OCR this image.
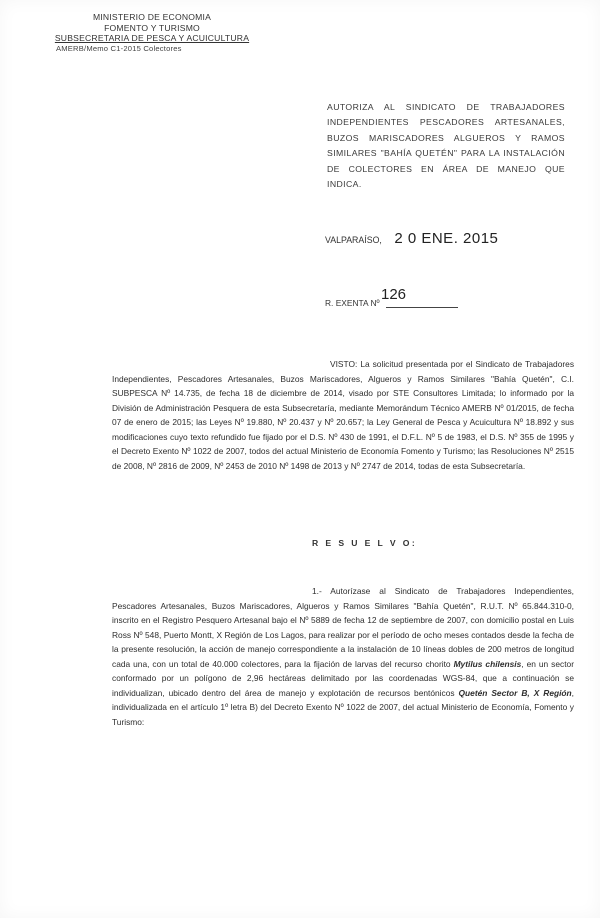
MINISTERIO DE ECONOMIA
FOMENTO Y TURISMO
SUBSECRETARIA DE PESCA Y ACUICULTURA
AMERB/Memo C1-2015 Colectores
AUTORIZA AL SINDICATO DE TRABAJADORES INDEPENDIENTES PESCADORES ARTESANALES, BUZOS MARISCADORES ALGUEROS Y RAMOS SIMILARES "BAHÍA QUETÉN" PARA LA INSTALACIÓN DE COLECTORES EN ÁREA DE MANEJO QUE INDICA.
VALPARAÍSO, 2 0 ENE. 2015
R. EXENTA Nº 126
VISTO: La solicitud presentada por el Sindicato de Trabajadores Independientes, Pescadores Artesanales, Buzos Mariscadores, Algueros y Ramos Similares "Bahía Quetén", C.I. SUBPESCA Nº 14.735, de fecha 18 de diciembre de 2014, visado por STE Consultores Limitada; lo informado por la División de Administración Pesquera de esta Subsecretaría, mediante Memorándum Técnico AMERB Nº 01/2015, de fecha 07 de enero de 2015; las Leyes Nº 19.880, Nº 20.437 y Nº 20.657; la Ley General de Pesca y Acuicultura Nº 18.892 y sus modificaciones cuyo texto refundido fue fijado por el D.S. Nº 430 de 1991, el D.F.L. Nº 5 de 1983, el D.S. Nº 355 de 1995 y el Decreto Exento Nº 1022 de 2007, todos del actual Ministerio de Economía Fomento y Turismo; las Resoluciones Nº 2515 de 2008, Nº 2816 de 2009, Nº 2453 de 2010 Nº 1498 de 2013 y Nº 2747 de 2014, todas de esta Subsecretaría.
R E S U E L V O:
1.- Autorízase al Sindicato de Trabajadores Independientes, Pescadores Artesanales, Buzos Mariscadores, Algueros y Ramos Similares "Bahía Quetén", R.U.T. Nº 65.844.310-0, inscrito en el Registro Pesquero Artesanal bajo el Nº 5889 de fecha 12 de septiembre de 2007, con domicilio postal en Luis Ross Nº 548, Puerto Montt, X Región de Los Lagos, para realizar por el período de ocho meses contados desde la fecha de la presente resolución, la acción de manejo correspondiente a la instalación de 10 líneas dobles de 200 metros de longitud cada una, con un total de 40.000 colectores, para la fijación de larvas del recurso chorito Mytilus chilensis, en un sector conformado por un polígono de 2,96 hectáreas delimitado por las coordenadas WGS-84, que a continuación se individualizan, ubicado dentro del área de manejo y explotación de recursos bentónicos Quetén Sector B, X Región, individualizada en el artículo 1º letra B) del Decreto Exento Nº 1022 de 2007, del actual Ministerio de Economía, Fomento y Turismo:
